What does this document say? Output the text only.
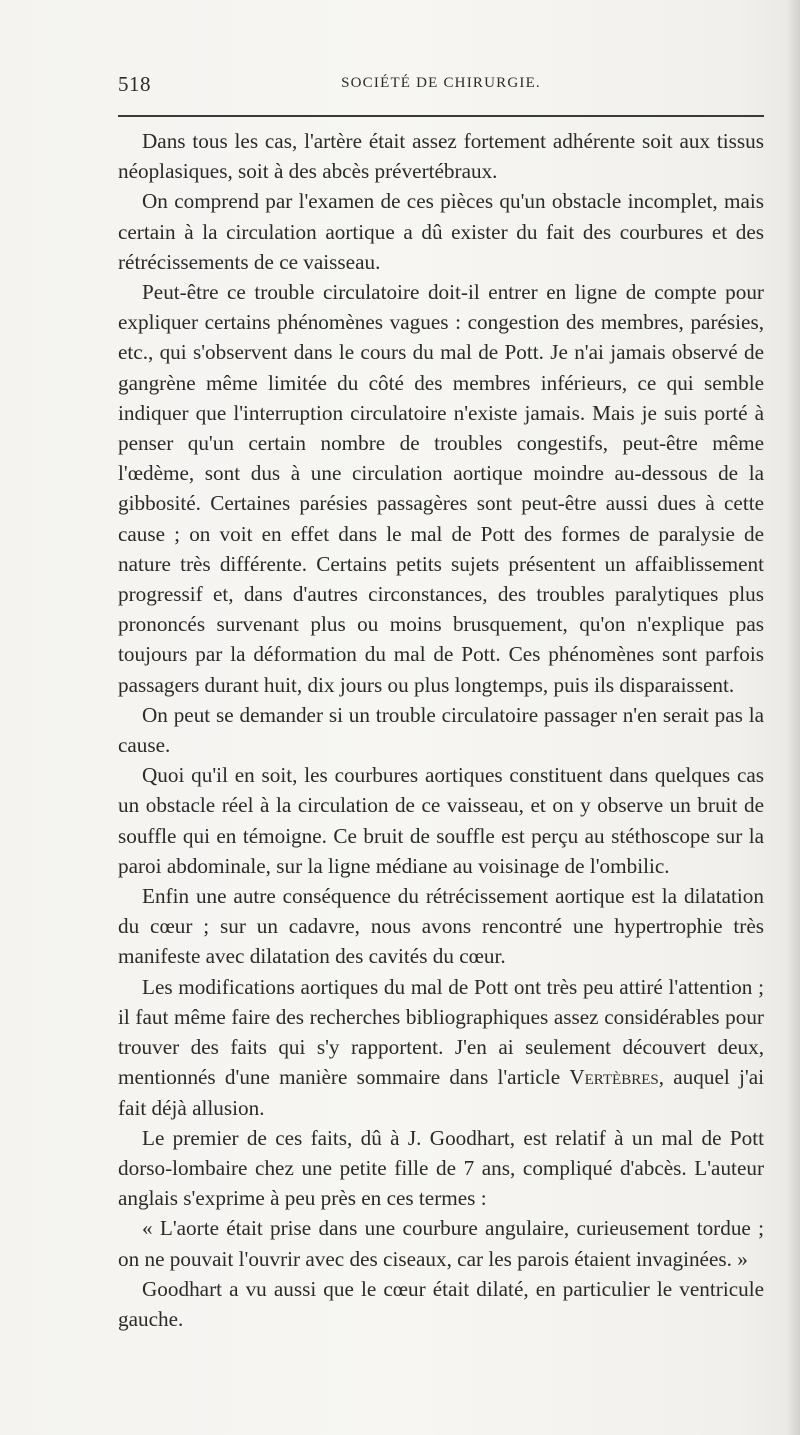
518	SOCIÉTÉ DE CHIRURGIE.

Dans tous les cas, l'artère était assez fortement adhérente soit aux tissus néoplasiques, soit à des abcès prévertébraux.

On comprend par l'examen de ces pièces qu'un obstacle incomplet, mais certain à la circulation aortique a dû exister du fait des courbures et des rétrécissements de ce vaisseau.

Peut-être ce trouble circulatoire doit-il entrer en ligne de compte pour expliquer certains phénomènes vagues : congestion des membres, parésies, etc., qui s'observent dans le cours du mal de Pott. Je n'ai jamais observé de gangrène même limitée du côté des membres inférieurs, ce qui semble indiquer que l'interruption circulatoire n'existe jamais. Mais je suis porté à penser qu'un certain nombre de troubles congestifs, peut-être même l'œdème, sont dus à une circulation aortique moindre au-dessous de la gibbosité. Certaines parésies passagères sont peut-être aussi dues à cette cause ; on voit en effet dans le mal de Pott des formes de paralysie de nature très différente. Certains petits sujets présentent un affaiblissement progressif et, dans d'autres circonstances, des troubles paralytiques plus prononcés survenant plus ou moins brusquement, qu'on n'explique pas toujours par la déformation du mal de Pott. Ces phénomènes sont parfois passagers durant huit, dix jours ou plus longtemps, puis ils disparaissent.

On peut se demander si un trouble circulatoire passager n'en serait pas la cause.

Quoi qu'il en soit, les courbures aortiques constituent dans quelques cas un obstacle réel à la circulation de ce vaisseau, et on y observe un bruit de souffle qui en témoigne. Ce bruit de souffle est perçu au stéthoscope sur la paroi abdominale, sur la ligne médiane au voisinage de l'ombilic.

Enfin une autre conséquence du rétrécissement aortique est la dilatation du cœur ; sur un cadavre, nous avons rencontré une hypertrophie très manifeste avec dilatation des cavités du cœur.

Les modifications aortiques du mal de Pott ont très peu attiré l'attention ; il faut même faire des recherches bibliographiques assez considérables pour trouver des faits qui s'y rapportent. J'en ai seulement découvert deux, mentionnés d'une manière sommaire dans l'article Vertèbres, auquel j'ai fait déjà allusion.

Le premier de ces faits, dû à J. Goodhart, est relatif à un mal de Pott dorso-lombaire chez une petite fille de 7 ans, compliqué d'abcès. L'auteur anglais s'exprime à peu près en ces termes :

« L'aorte était prise dans une courbure angulaire, curieusement tordue ; on ne pouvait l'ouvrir avec des ciseaux, car les parois étaient invaginées. »

Goodhart a vu aussi que le cœur était dilaté, en particulier le ventricule gauche.
